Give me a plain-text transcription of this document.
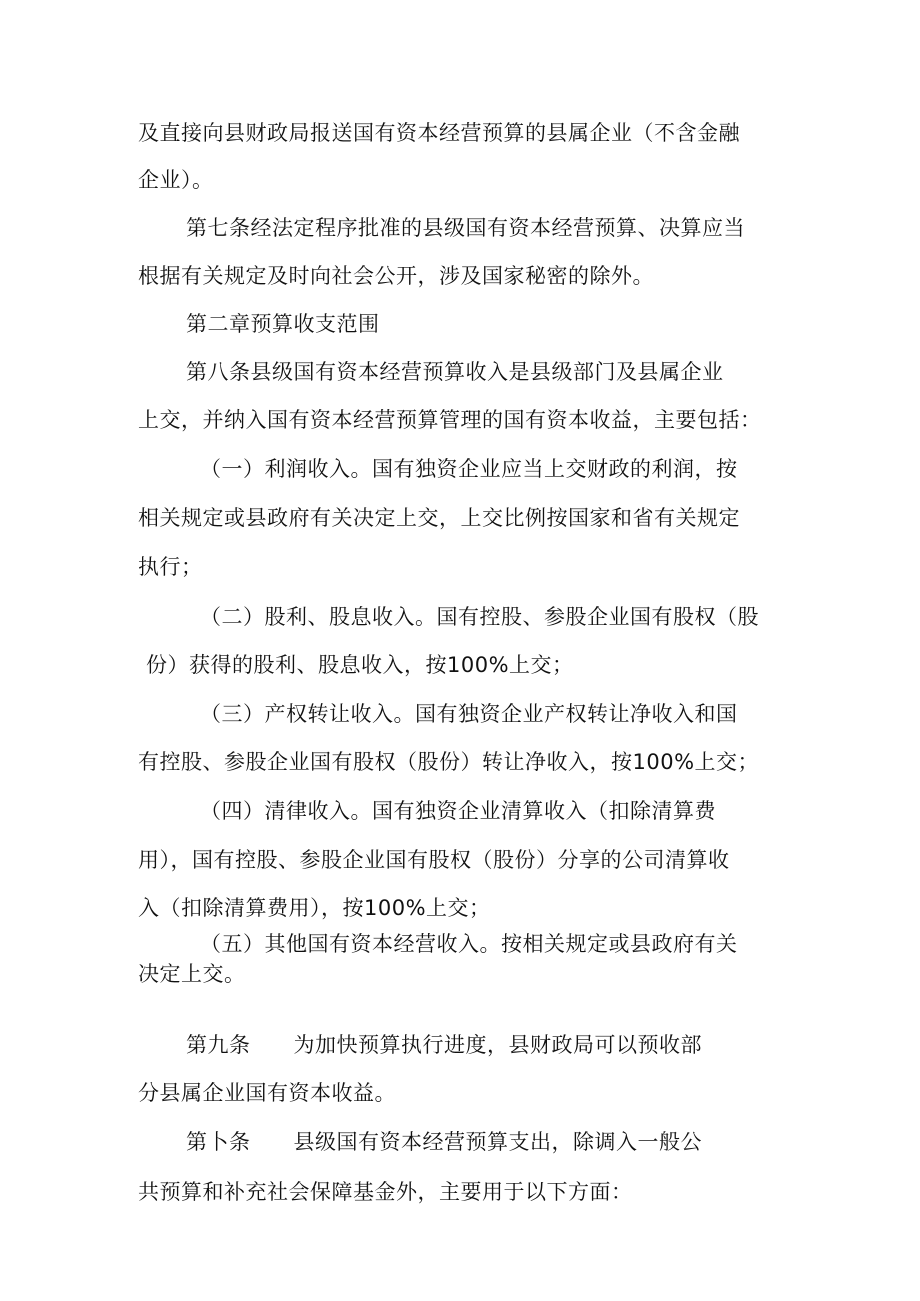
及直接向县财政局报送国有资本经营预算的县属企业（不含金融
企业）。
第七条经法定程序批准的县级国有资本经营预算、决算应当
根据有关规定及时向社会公开，涉及国家秘密的除外。
第二章预算收支范围
第八条县级国有资本经营预算收入是县级部门及县属企业
上交，并纳入国有资本经营预算管理的国有资本收益，主要包括：
（一）利润收入。国有独资企业应当上交财政的利润，按
相关规定或县政府有关决定上交，上交比例按国家和省有关规定
执行；
（二）股利、股息收入。国有控股、参股企业国有股权（股
份）获得的股利、股息收入，按100%上交；
（三）产权转让收入。国有独资企业产权转让净收入和国
有控股、参股企业国有股权（股份）转让净收入，按100%上交；
（四）清律收入。国有独资企业清算收入（扣除清算费
用），国有控股、参股企业国有股权（股份）分享的公司清算收
入（扣除清算费用），按100%上交；
（五）其他国有资本经营收入。按相关规定或县政府有关
决定上交。
第九条　　为加快预算执行进度，县财政局可以预收部
分县属企业国有资本收益。
第卜条　　县级国有资本经营预算支出，除调入一般公
共预算和补充社会保障基金外，主要用于以下方面：
